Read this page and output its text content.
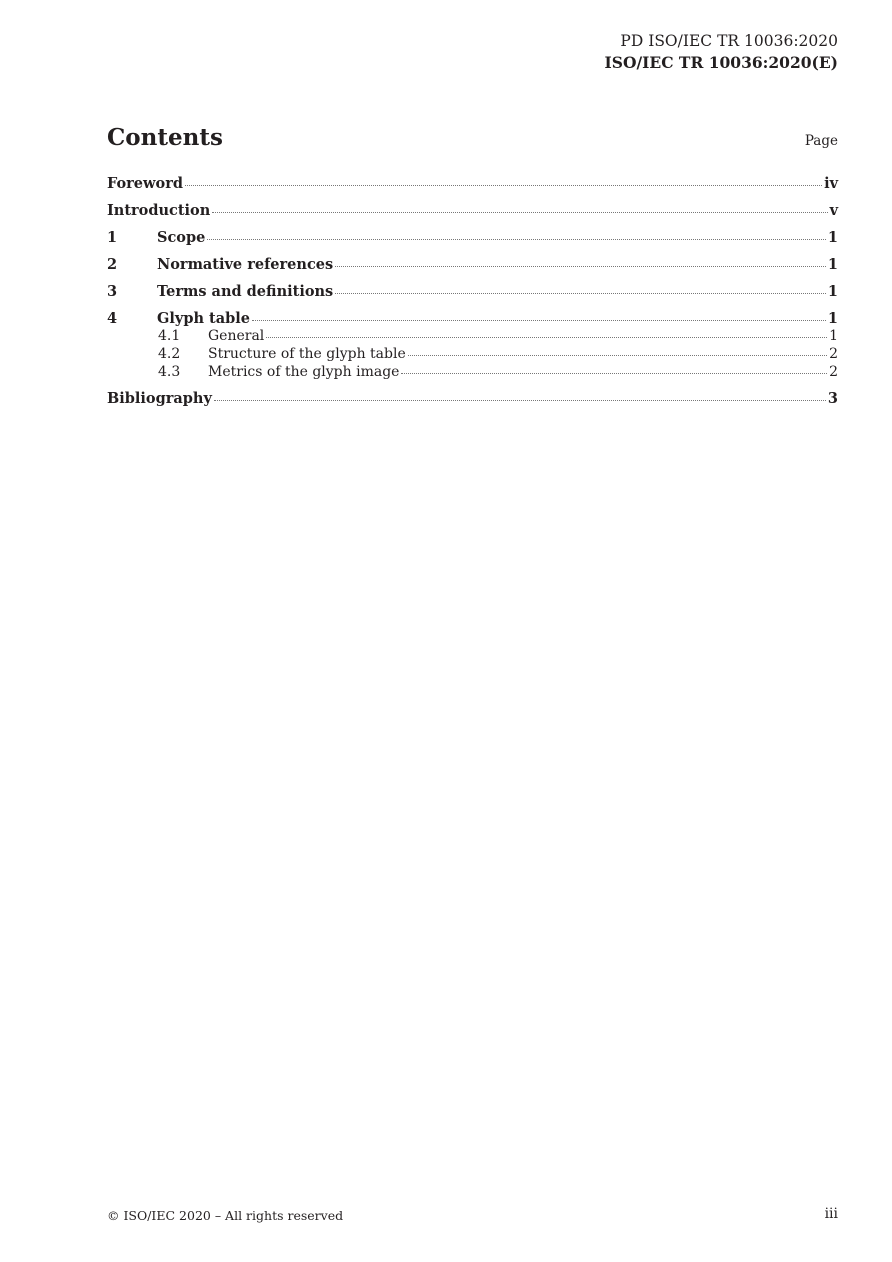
PD ISO/IEC TR 10036:2020
ISO/IEC TR 10036:2020(E)
Contents	Page
Foreword	iv
Introduction	v
1	Scope	1
2	Normative references	1
3	Terms and definitions	1
4	Glyph table	1
4.1	General	1
4.2	Structure of the glyph table	2
4.3	Metrics of the glyph image	2
Bibliography	3
© ISO/IEC 2020 – All rights reserved	iii
